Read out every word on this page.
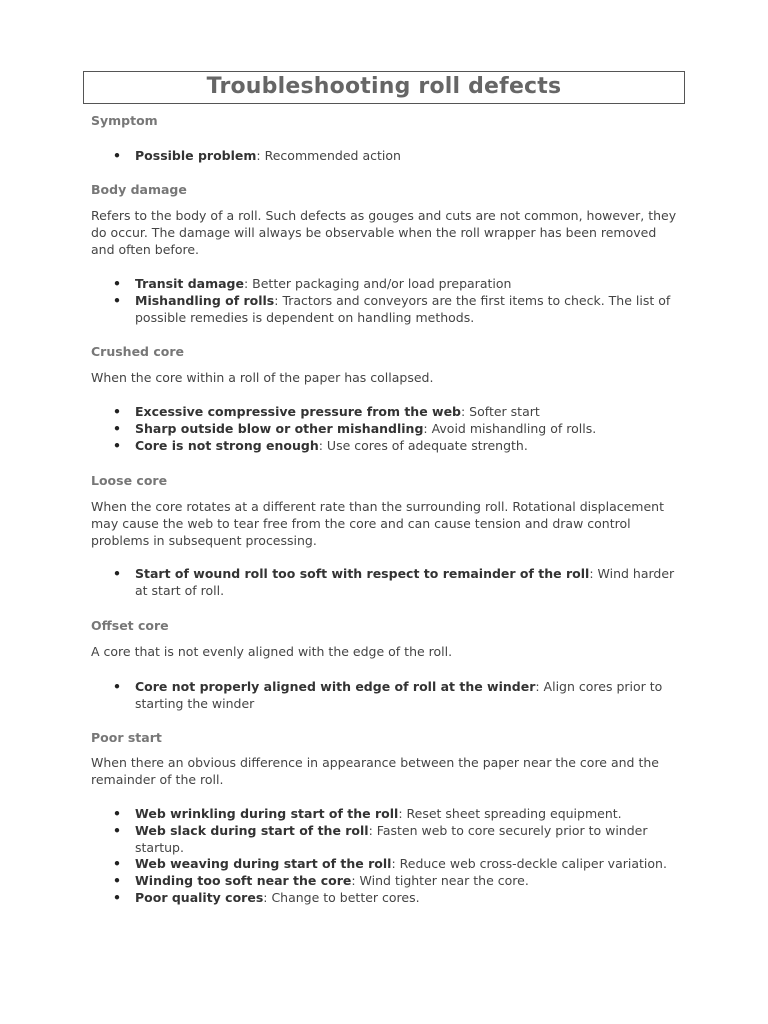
Troubleshooting roll defects
Symptom
• Possible problem: Recommended action
Body damage

Refers to the body of a roll. Such defects as gouges and cuts are not common, however, they do occur. The damage will always be observable when the roll wrapper has been removed and often before.

• Transit damage: Better packaging and/or load preparation
• Mishandling of rolls: Tractors and conveyors are the first items to check. The list of possible remedies is dependent on handling methods.
Crushed core

When the core within a roll of the paper has collapsed.

• Excessive compressive pressure from the web: Softer start
• Sharp outside blow or other mishandling: Avoid mishandling of rolls.
• Core is not strong enough: Use cores of adequate strength.
Loose core

When the core rotates at a different rate than the surrounding roll. Rotational displacement may cause the web to tear free from the core and can cause tension and draw control problems in subsequent processing.

• Start of wound roll too soft with respect to remainder of the roll: Wind harder at start of roll.
Offset core

A core that is not evenly aligned with the edge of the roll.

• Core not properly aligned with edge of roll at the winder: Align cores prior to starting the winder
Poor start

When there an obvious difference in appearance between the paper near the core and the remainder of the roll.

• Web wrinkling during start of the roll: Reset sheet spreading equipment.
• Web slack during start of the roll: Fasten web to core securely prior to winder startup.
• Web weaving during start of the roll: Reduce web cross-deckle caliper variation.
• Winding too soft near the core: Wind tighter near the core.
• Poor quality cores: Change to better cores.
